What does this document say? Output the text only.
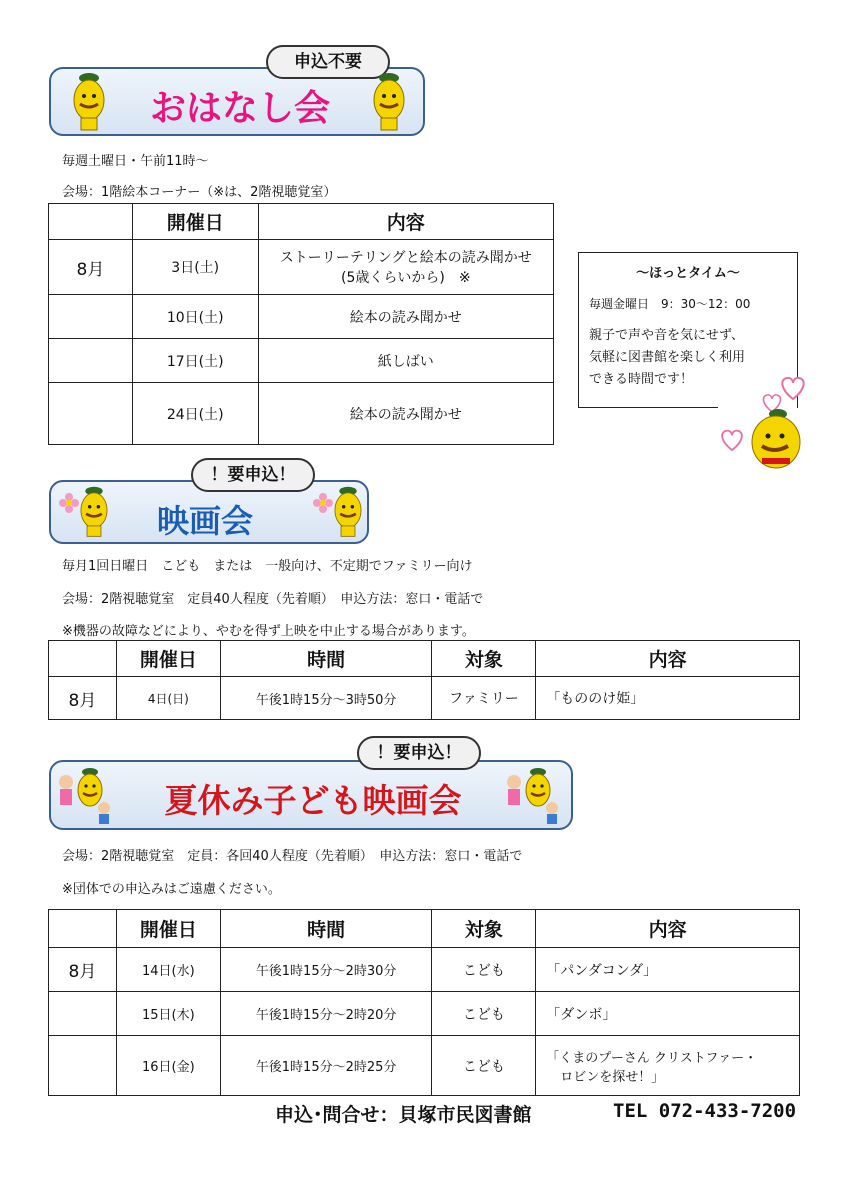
申込不要
おはなし会
毎週土曜日・午前11時～
会場：1階絵本コーナー（※は、2階視聴覚室）
	開催日	内容
8月	3日(土)	ストーリーテリングと絵本の読み聞かせ
(5歳くらいから)　※

	10日(土)	絵本の読み聞かせ
	17日(土)	紙しばい
	24日(土)	絵本の読み聞かせ
～ほっとタイム～
毎週金曜日　9：30～12：00
親子で声や音を気にせず、
気軽に図書館を楽しく利用
できる時間です！
！要申込！
映画会
毎月1回日曜日　こども　または　一般向け、不定期でファミリー向け
会場：2階視聴覚室　定員40人程度（先着順）　申込方法：窓口・電話で
※機器の故障などにより、やむを得ず上映を中止する場合があります。
	開催日	時間	対象	内容
8月	4日(日)	午後1時15分～3時50分	ファミリー	「もののけ姫」
！要申込！
夏休み子ども映画会
会場：2階視聴覚室　定員：各回40人程度（先着順）　申込方法：窓口・電話で
※団体での申込みはご遠慮ください。
	開催日	時間	対象	内容
8月	14日(水)	午後1時15分～2時30分	こども	「パンダコンダ」
	15日(木)	午後1時15分～2時20分	こども	「ダンボ」
	16日(金)	午後1時15分～2時25分	こども	「くまのプーさん クリストファー・
ロビンを探せ！」
申込･問合せ：貝塚市民図書館	TEL 072-433-7200
